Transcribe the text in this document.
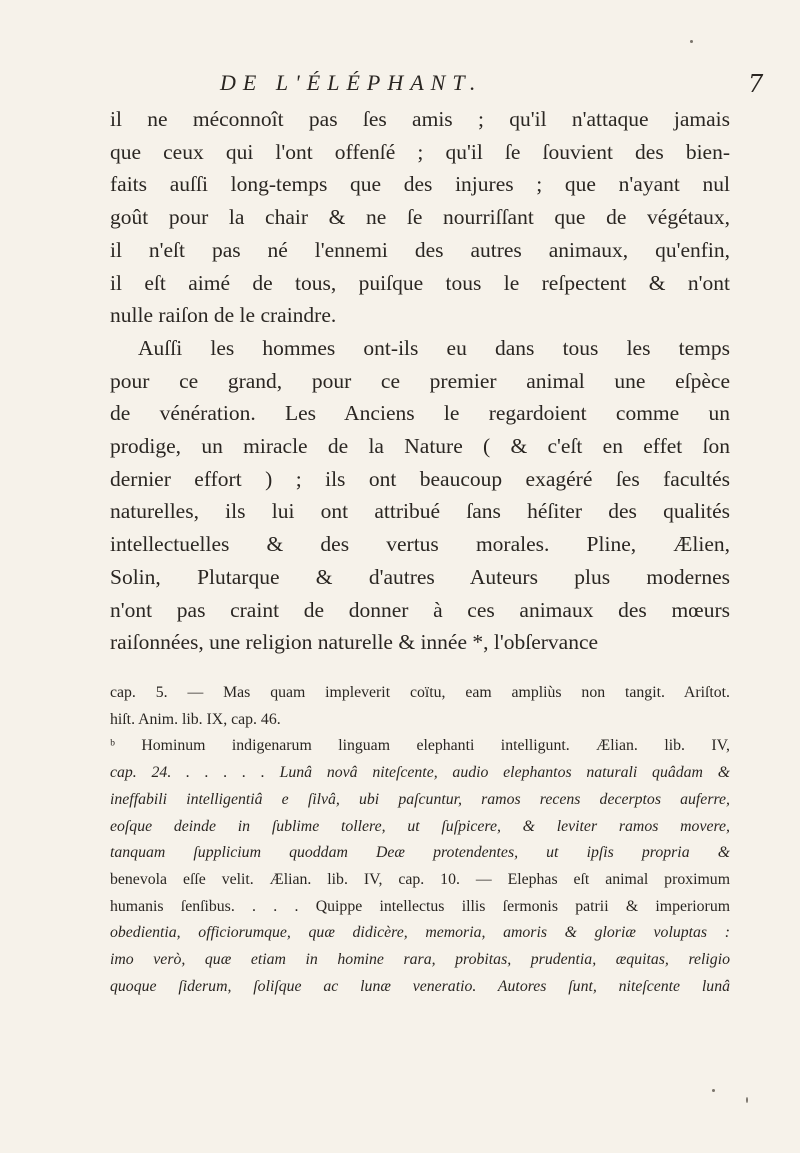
DE L'ÉLÉPHANT.	7
il ne méconnoît pas ſes amis ; qu'il n'attaque jamais
que ceux qui l'ont offenſé ; qu'il ſe ſouvient des bien-
faits auſſi long-temps que des injures ; que n'ayant nul
goût pour la chair & ne ſe nourriſſant que de végétaux,
il n'eſt pas né l'ennemi des autres animaux, qu'enfin,
il eſt aimé de tous, puiſque tous le reſpectent & n'ont
nulle raiſon de le craindre.
Auſſi les hommes ont-ils eu dans tous les temps
pour ce grand, pour ce premier animal une eſpèce
de vénération. Les Anciens le regardoient comme un
prodige, un miracle de la Nature ( & c'eſt en effet ſon
dernier effort ) ; ils ont beaucoup exagéré ſes facultés
naturelles, ils lui ont attribué ſans héſiter des qualités
intellectuelles & des vertus morales. Pline, Ælien,
Solin, Plutarque & d'autres Auteurs plus modernes
n'ont pas craint de donner à ces animaux des mœurs
raiſonnées, une religion naturelle & innée *, l'obſervance
cap. 5. — Mas quam impleverit coïtu, eam ampliùs non tangit. Ariſtot.
hiſt. Anim. lib. IX, cap. 46.
ᵇ Hominum indigenarum linguam elephanti intelligunt. Ælian. lib. IV,
cap. 24. . . . . . Lunâ novâ niteſcente, audio elephantos naturali quâdam &
ineffabili intelligentiâ e ſilvâ, ubi paſcuntur, ramos recens decerptos auferre,
eoſque deinde in ſublime tollere, ut ſuſpicere, & leviter ramos movere,
tanquam ſupplicium quoddam Deæ protendentes, ut ipſis propria &
benevola eſſe velit. Ælian. lib. IV, cap. 10. — Elephas eſt animal proximum
humanis ſenſibus. . . . Quippe intellectus illis ſermonis patrii & imperiorum
obedientia, officiorumque, quæ didicère, memoria, amoris & gloriæ voluptas :
imo verò, quæ etiam in homine rara, probitas, prudentia, æquitas, religio
quoque ſiderum, ſoliſque ac lunæ veneratio. Autores ſunt, niteſcente lunâ
